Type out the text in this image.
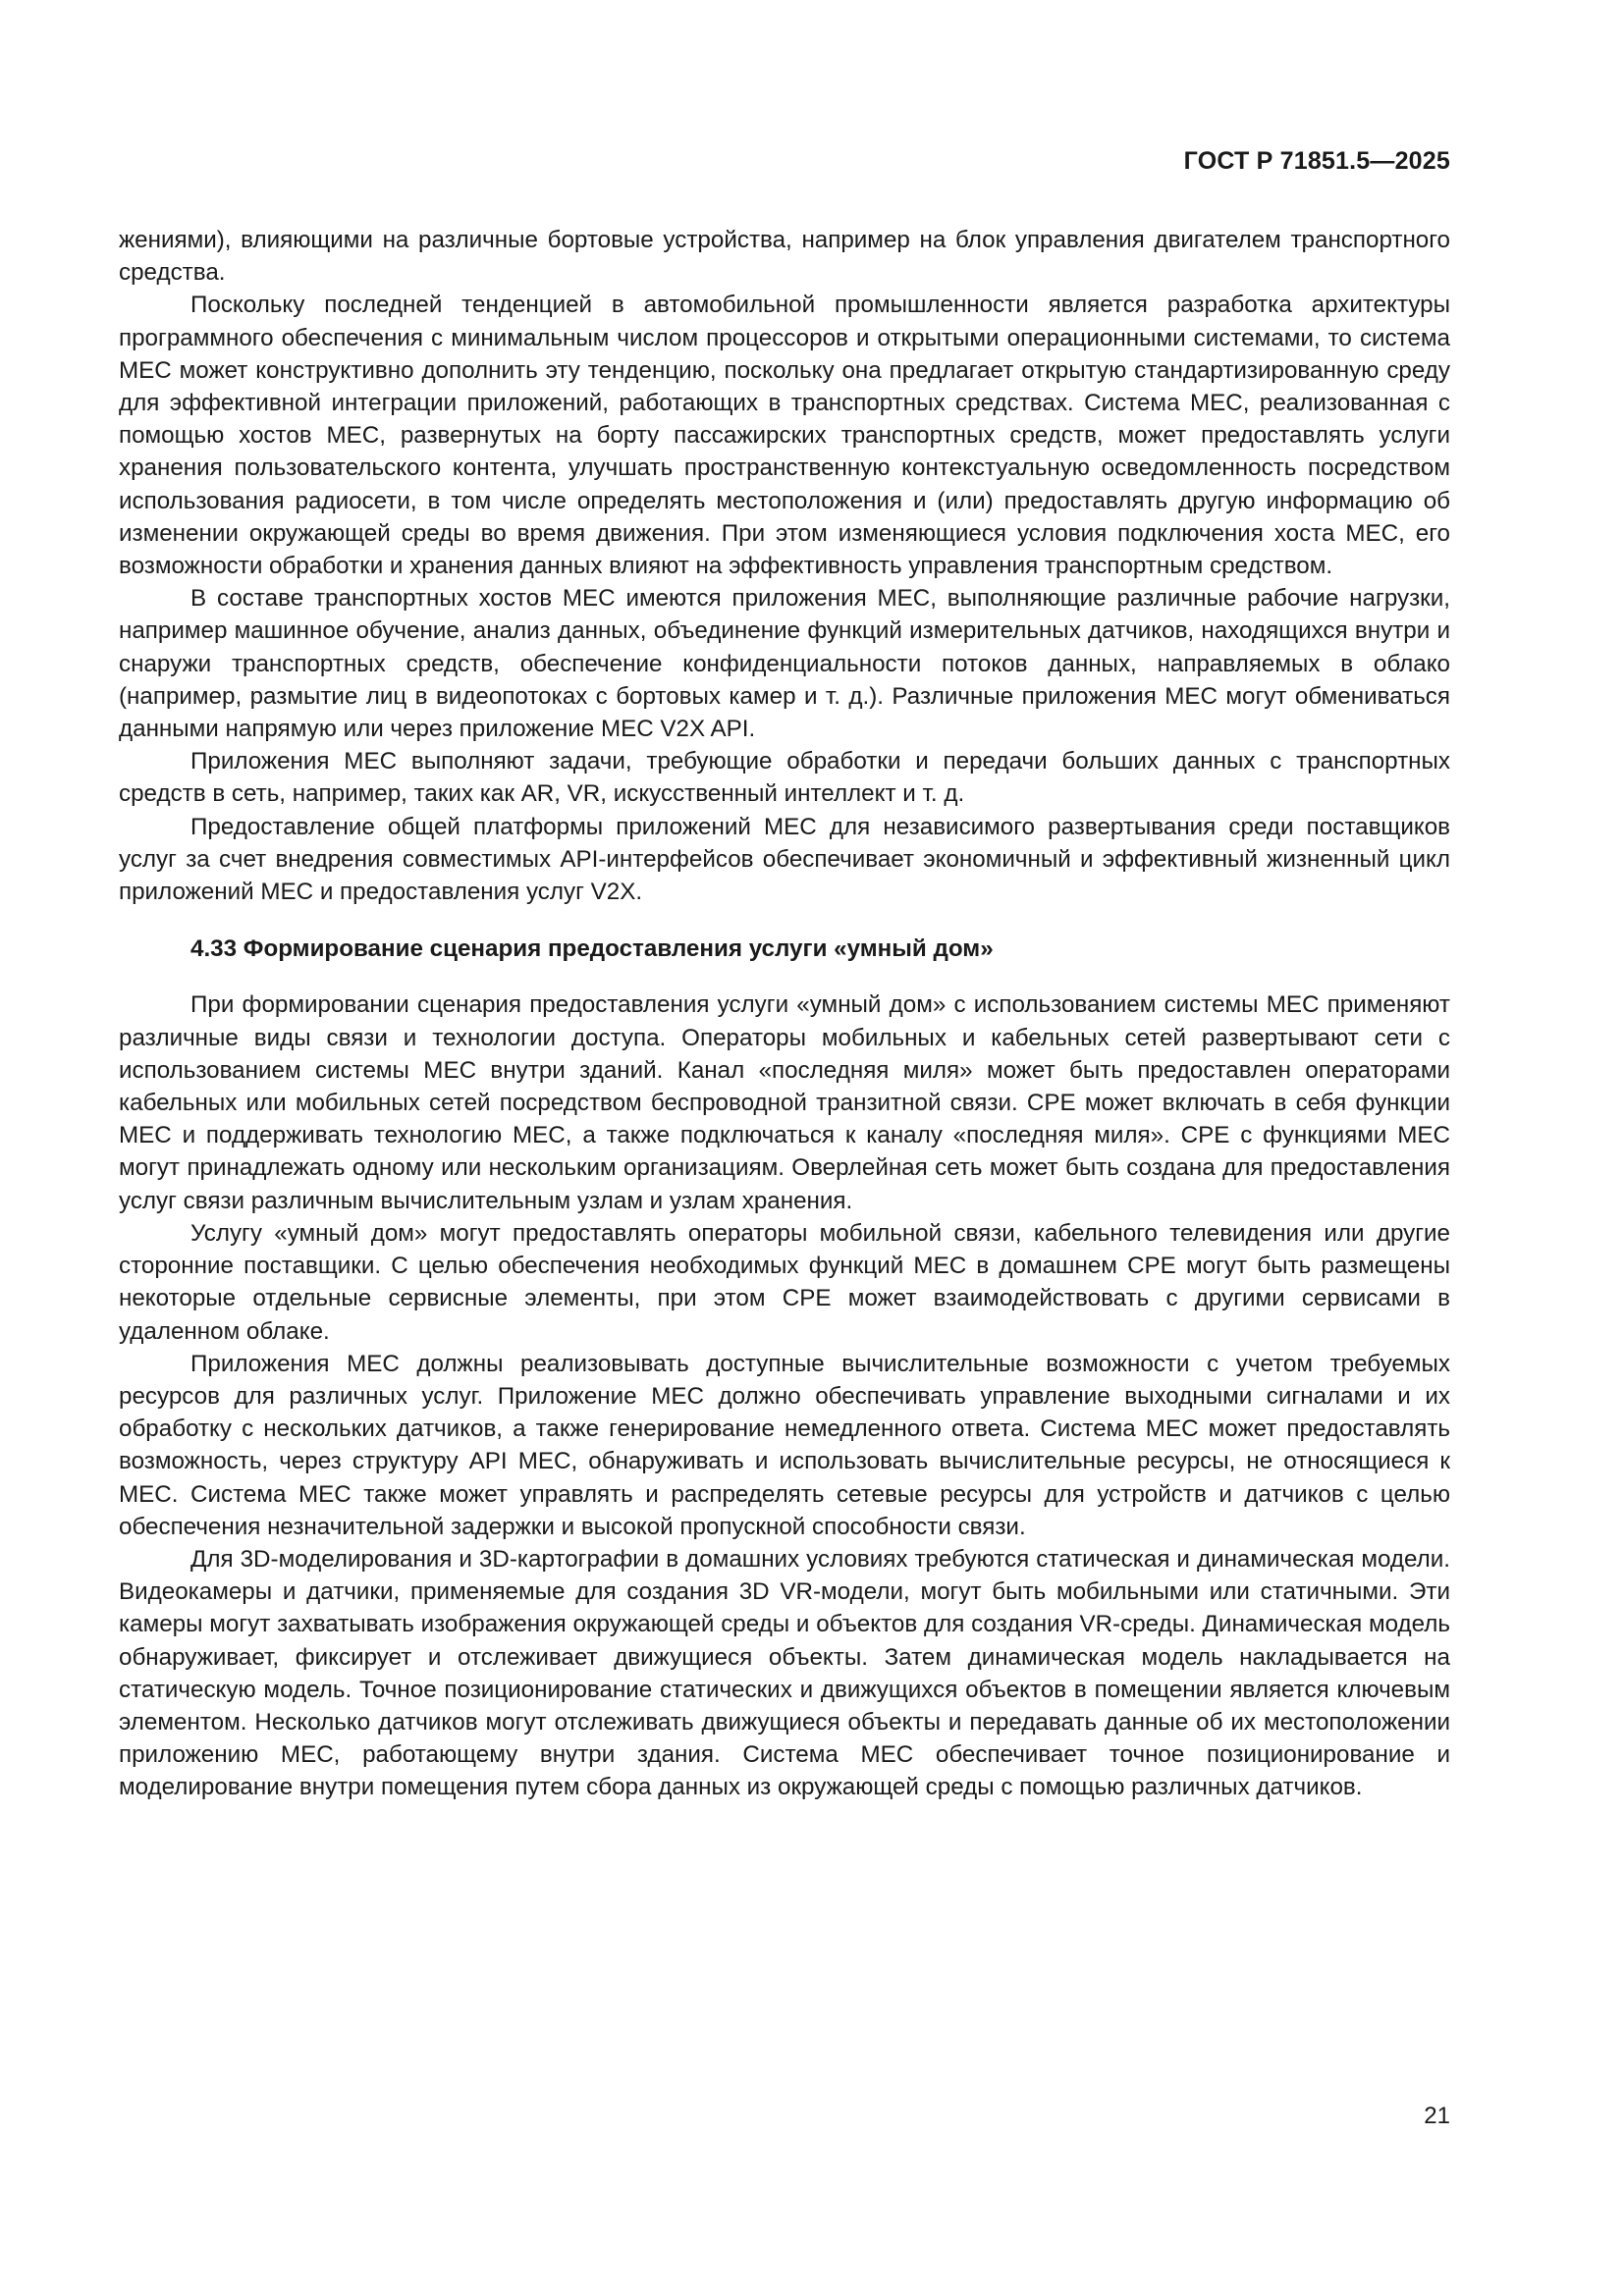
ГОСТ Р 71851.5—2025

жениями), влияющими на различные бортовые устройства, например на блок управления двигателем транспортного средства.

Поскольку последней тенденцией в автомобильной промышленности является разработка архитектуры программного обеспечения с минимальным числом процессоров и открытыми операционными системами, то система МЕС может конструктивно дополнить эту тенденцию, поскольку она предлагает открытую стандартизированную среду для эффективной интеграции приложений, работающих в транспортных средствах. Система МЕС, реализованная с помощью хостов МЕС, развернутых на борту пассажирских транспортных средств, может предоставлять услуги хранения пользовательского контента, улучшать пространственную контекстуальную осведомленность посредством использования радиосети, в том числе определять местоположения и (или) предоставлять другую информацию об изменении окружающей среды во время движения. При этом изменяющиеся условия подключения хоста МЕС, его возможности обработки и хранения данных влияют на эффективность управления транспортным средством.

В составе транспортных хостов МЕС имеются приложения МЕС, выполняющие различные рабочие нагрузки, например машинное обучение, анализ данных, объединение функций измерительных датчиков, находящихся внутри и снаружи транспортных средств, обеспечение конфиденциальности потоков данных, направляемых в облако (например, размытие лиц в видеопотоках с бортовых камер и т. д.). Различные приложения МЕС могут обмениваться данными напрямую или через приложение МЕС V2X API.

Приложения МЕС выполняют задачи, требующие обработки и передачи больших данных с транспортных средств в сеть, например, таких как AR, VR, искусственный интеллект и т. д.

Предоставление общей платформы приложений МЕС для независимого развертывания среди поставщиков услуг за счет внедрения совместимых API-интерфейсов обеспечивает экономичный и эффективный жизненный цикл приложений МЕС и предоставления услуг V2X.

4.33 Формирование сценария предоставления услуги «умный дом»

При формировании сценария предоставления услуги «умный дом» с использованием системы МЕС применяют различные виды связи и технологии доступа. Операторы мобильных и кабельных сетей развертывают сети с использованием системы МЕС внутри зданий. Канал «последняя миля» может быть предоставлен операторами кабельных или мобильных сетей посредством беспроводной транзитной связи. СРЕ может включать в себя функции МЕС и поддерживать технологию МЕС, а также подключаться к каналу «последняя миля». СРЕ с функциями МЕС могут принадлежать одному или нескольким организациям. Оверлейная сеть может быть создана для предоставления услуг связи различным вычислительным узлам и узлам хранения.

Услугу «умный дом» могут предоставлять операторы мобильной связи, кабельного телевидения или другие сторонние поставщики. С целью обеспечения необходимых функций МЕС в домашнем СРЕ могут быть размещены некоторые отдельные сервисные элементы, при этом СРЕ может взаимодействовать с другими сервисами в удаленном облаке.

Приложения МЕС должны реализовывать доступные вычислительные возможности с учетом требуемых ресурсов для различных услуг. Приложение МЕС должно обеспечивать управление выходными сигналами и их обработку с нескольких датчиков, а также генерирование немедленного ответа. Система МЕС может предоставлять возможность, через структуру API МЕС, обнаруживать и использовать вычислительные ресурсы, не относящиеся к МЕС. Система МЕС также может управлять и распределять сетевые ресурсы для устройств и датчиков с целью обеспечения незначительной задержки и высокой пропускной способности связи.

Для 3D-моделирования и 3D-картографии в домашних условиях требуются статическая и динамическая модели. Видеокамеры и датчики, применяемые для создания 3D VR-модели, могут быть мобильными или статичными. Эти камеры могут захватывать изображения окружающей среды и объектов для создания VR-среды. Динамическая модель обнаруживает, фиксирует и отслеживает движущиеся объекты. Затем динамическая модель накладывается на статическую модель. Точное позиционирование статических и движущихся объектов в помещении является ключевым элементом. Несколько датчиков могут отслеживать движущиеся объекты и передавать данные об их местоположении приложению МЕС, работающему внутри здания. Система МЕС обеспечивает точное позиционирование и моделирование внутри помещения путем сбора данных из окружающей среды с помощью различных датчиков.

21
